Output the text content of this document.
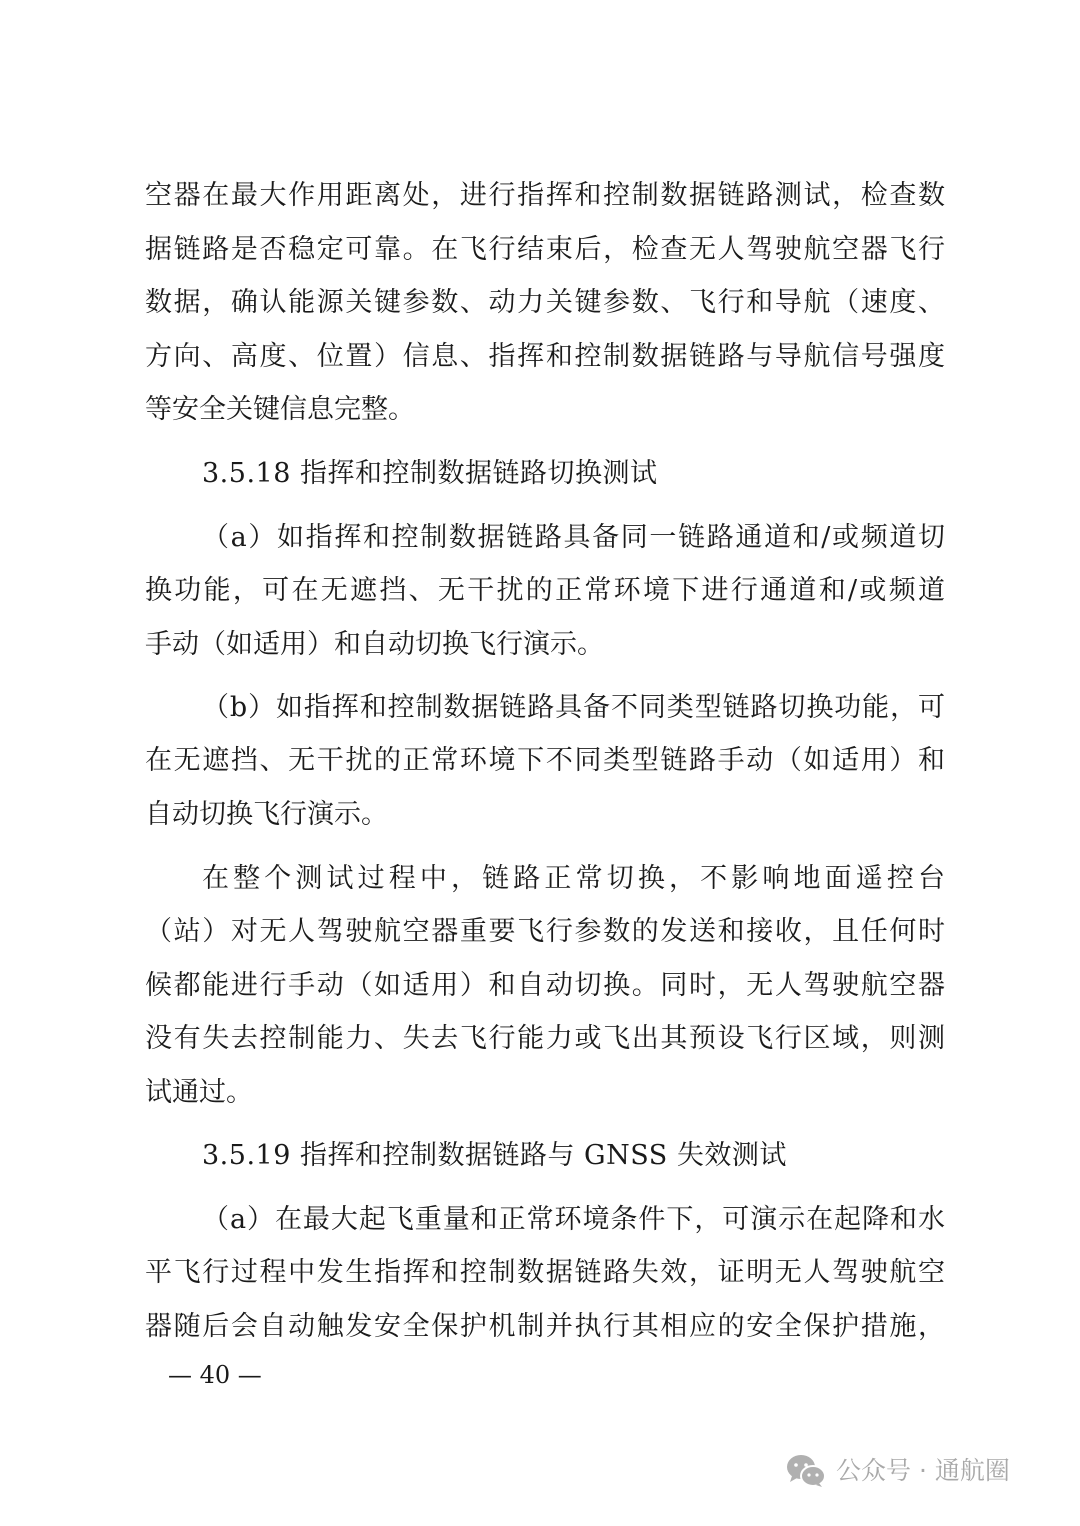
空器在最大作用距离处，进行指挥和控制数据链路测试，检查数
据链路是否稳定可靠。在飞行结束后，检查无人驾驶航空器飞行
数据，确认能源关键参数、动力关键参数、飞行和导航（速度、
方向、高度、位置）信息、指挥和控制数据链路与导航信号强度
等安全关键信息完整。
3.5.18 指挥和控制数据链路切换测试
（a）如指挥和控制数据链路具备同一链路通道和/或频道切
换功能，可在无遮挡、无干扰的正常环境下进行通道和/或频道
手动（如适用）和自动切换飞行演示。
（b）如指挥和控制数据链路具备不同类型链路切换功能，可
在无遮挡、无干扰的正常环境下不同类型链路手动（如适用）和
自动切换飞行演示。
在整个测试过程中，链路正常切换，不影响地面遥控台
（站）对无人驾驶航空器重要飞行参数的发送和接收，且任何时
候都能进行手动（如适用）和自动切换。同时，无人驾驶航空器
没有失去控制能力、失去飞行能力或飞出其预设飞行区域，则测
试通过。
3.5.19 指挥和控制数据链路与 GNSS 失效测试
（a）在最大起飞重量和正常环境条件下，可演示在起降和水
平飞行过程中发生指挥和控制数据链路失效，证明无人驾驶航空
器随后会自动触发安全保护机制并执行其相应的安全保护措施，
— 40 —
公众号 · 通航圈
